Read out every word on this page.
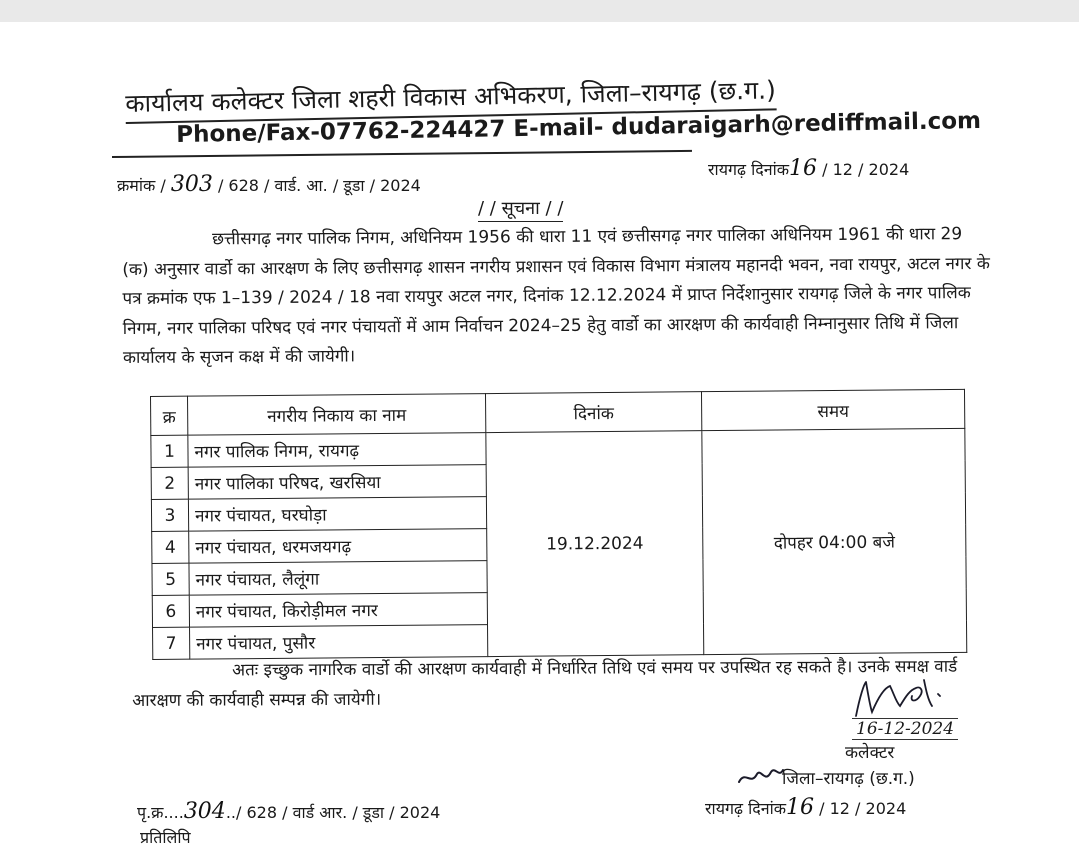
कार्यालय कलेक्टर जिला शहरी विकास अभिकरण, जिला–रायगढ़ (छ.ग.)
Phone/Fax-07762-224427 E-mail- dudaraigarh@rediffmail.com
क्रमांक / 303 / 628 / वार्ड. आ. / डूडा / 2024
रायगढ़ दिनांक16 / 12 / 2024
/ / सूचना / /
छत्तीसगढ़ नगर पालिक निगम, अधिनियम 1956 की धारा 11 एवं छत्तीसगढ़ नगर पालिका अधिनियम 1961 की धारा 29 (क) अनुसार वार्डो का आरक्षण के लिए छत्तीसगढ़ शासन नगरीय प्रशासन एवं विकास विभाग मंत्रालय महानदी भवन, नवा रायपुर, अटल नगर के पत्र क्रमांक एफ 1–139 / 2024 / 18 नवा रायपुर अटल नगर, दिनांक 12.12.2024 में प्राप्त निर्देशानुसार रायगढ़ जिले के नगर पालिक निगम, नगर पालिका परिषद एवं नगर पंचायतों में आम निर्वाचन 2024–25 हेतु वार्डो का आरक्षण की कार्यवाही निम्नानुसार तिथि में जिला कार्यालय के सृजन कक्ष में की जायेगी।
क्र	नगरीय निकाय का नाम	दिनांक	समय
1	नगर पालिक निगम, रायगढ़	19.12.2024	दोपहर 04:00 बजे
2	नगर पालिका परिषद, खरसिया		
3	नगर पंचायत, घरघोड़ा		
4	नगर पंचायत, धरमजयगढ़		
5	नगर पंचायत, लैलूंगा		
6	नगर पंचायत, किरोड़ीमल नगर		
7	नगर पंचायत, पुसौर		
अतः इच्छुक नागरिक वार्डो की आरक्षण कार्यवाही में निर्धारित तिथि एवं समय पर उपस्थित रह सकते है। उनके समक्ष वार्ड आरक्षण की कार्यवाही सम्पन्न की जायेगी।
16-12-2024
कलेक्टर
जिला–रायगढ़ (छ.ग.)
पृ.क्र....304../ 628 / वार्ड आर. / डूडा / 2024	रायगढ़ दिनांक16 / 12 / 2024
प्रतिलिपि
